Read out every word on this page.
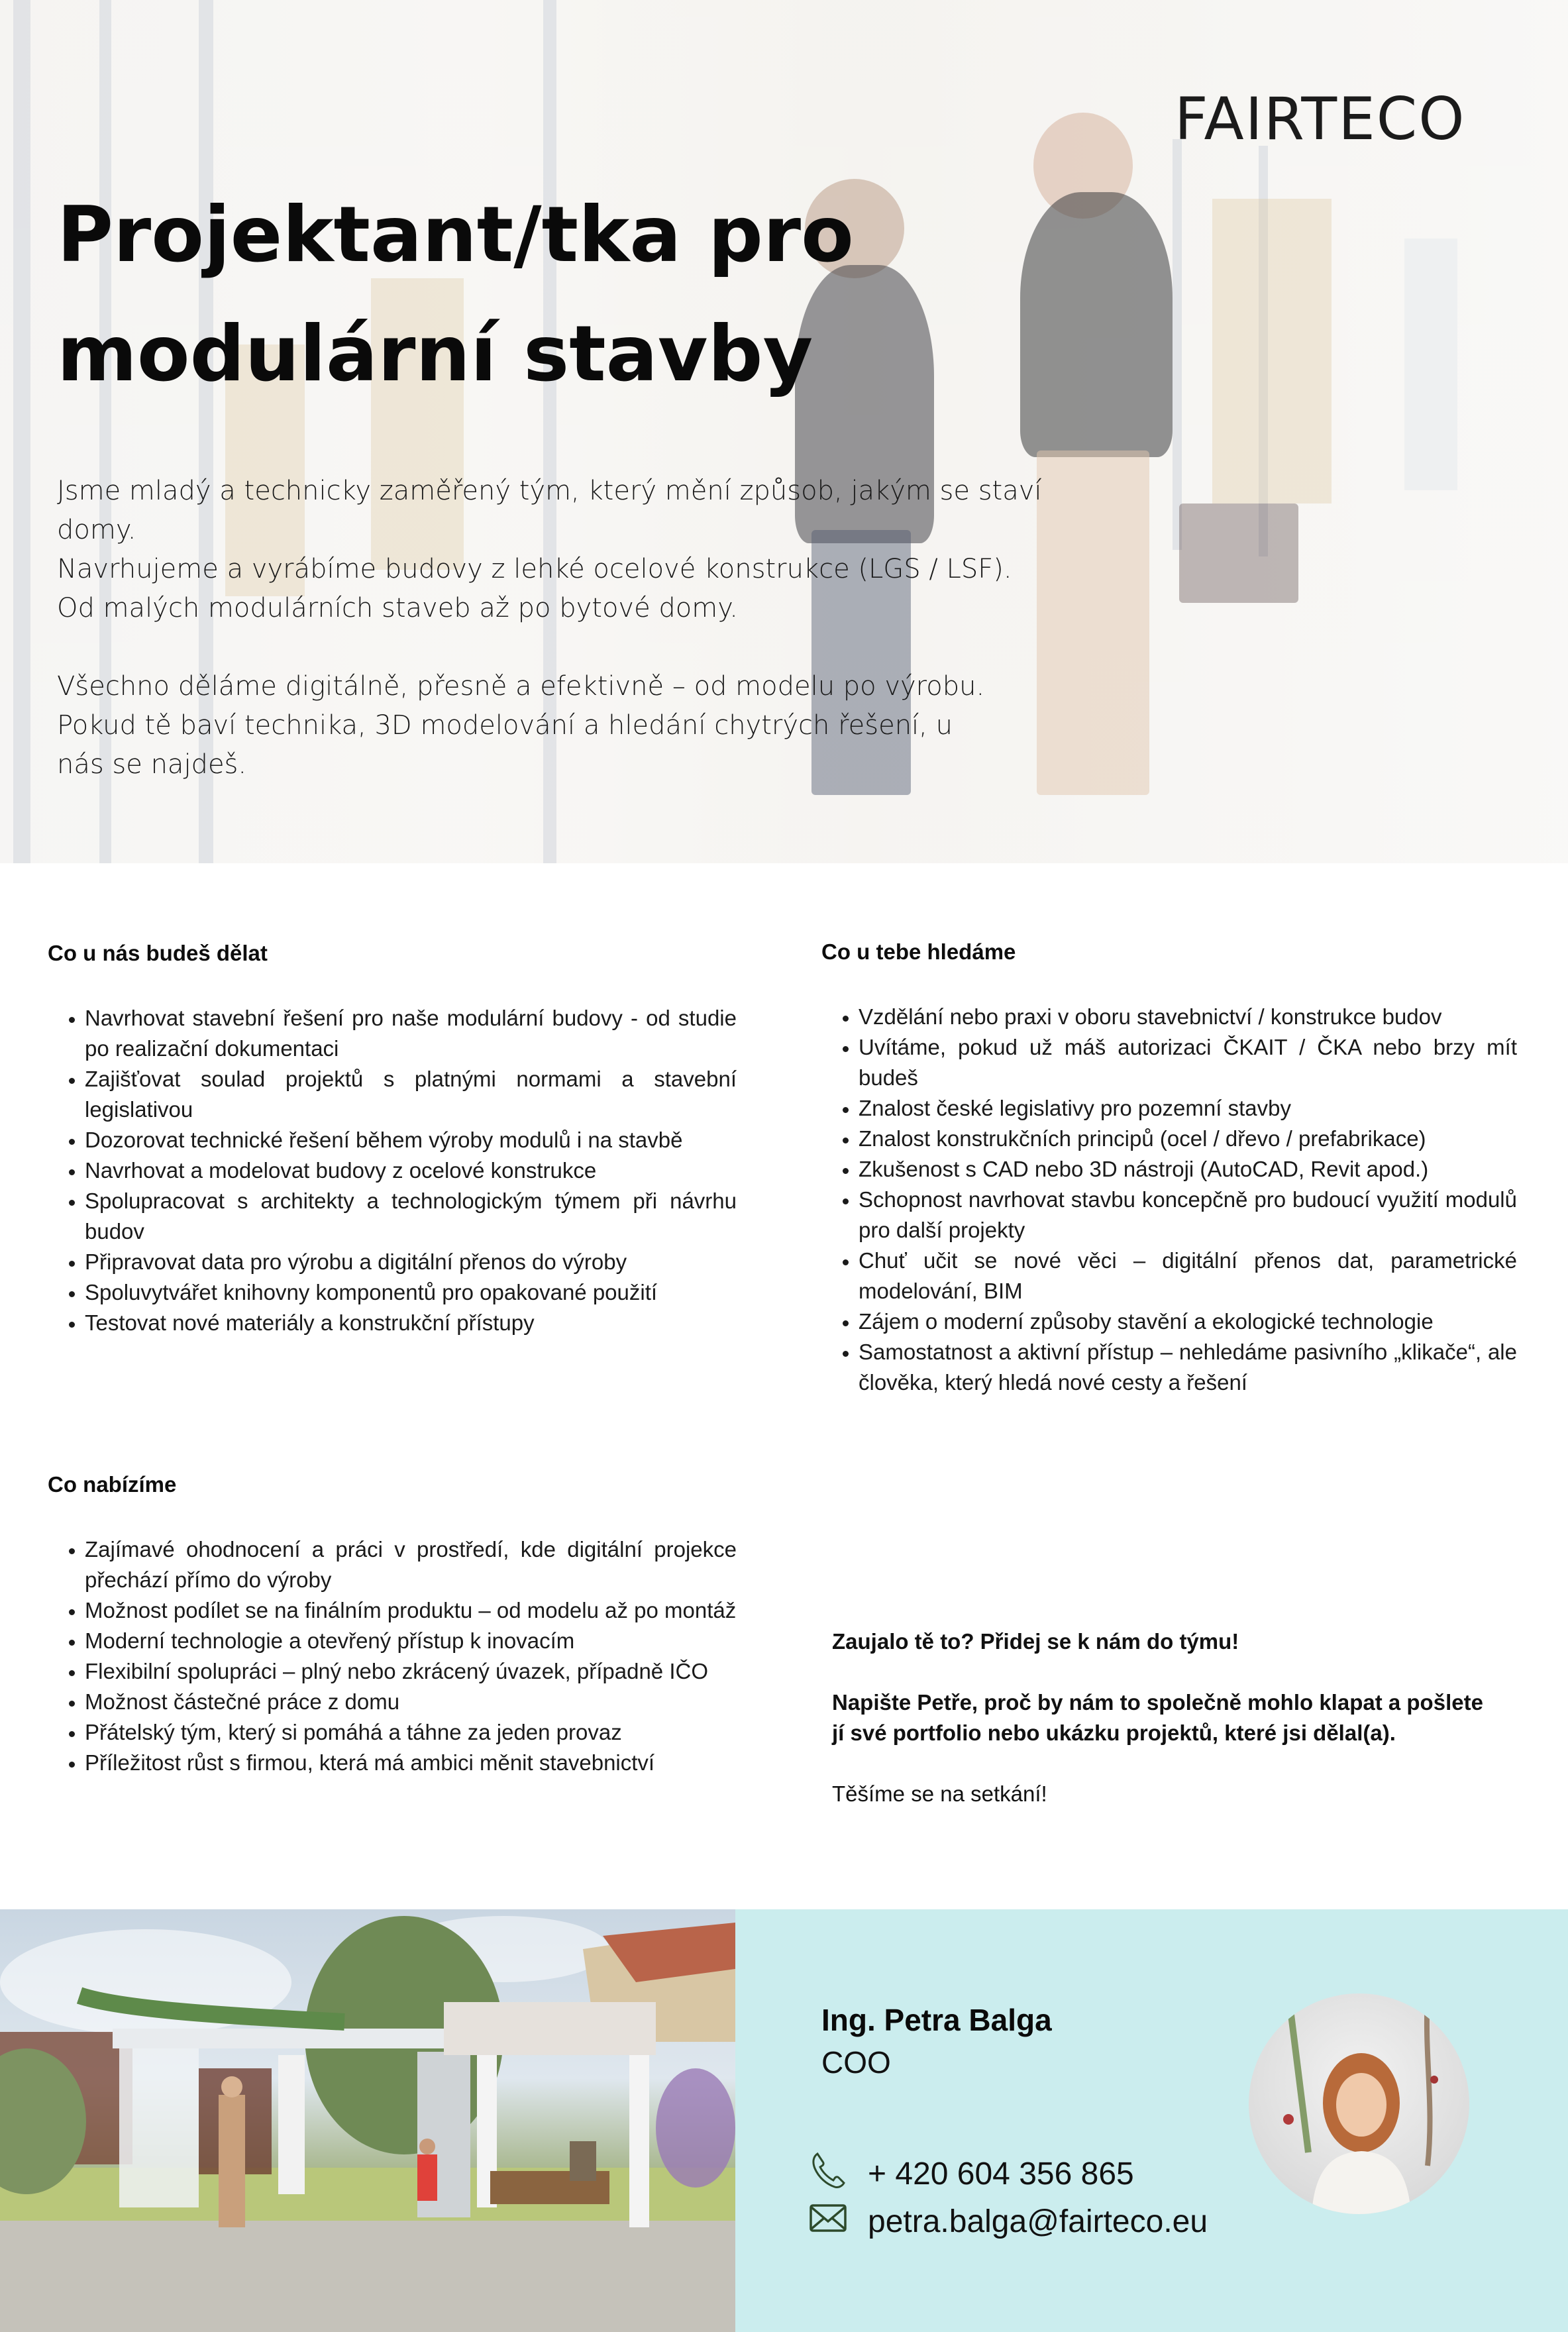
FAIRTECO
Projektant/tka pro
modulární stavby

Jsme mladý a technicky zaměřený tým, který mění způsob, jakým se staví domy.
Navrhujeme a vyrábíme budovy z lehké ocelové konstrukce (LGS / LSF).
Od malých modulárních staveb až po bytové domy.

Všechno děláme digitálně, přesně a efektivně – od modelu po výrobu.
Pokud tě baví technika, 3D modelování a hledání chytrých řešení, u
nás se najdeš.

Co u nás budeš dělat
• Navrhovat stavební řešení pro naše modulární budovy - od studie po realizační dokumentaci
• Zajišťovat soulad projektů s platnými normami a stavební legislativou
• Dozorovat technické řešení během výroby modulů i na stavbě
• Navrhovat a modelovat budovy z ocelové konstrukce
• Spolupracovat s architekty a technologickým týmem při návrhu budov
• Připravovat data pro výrobu a digitální přenos do výroby
• Spoluvytvářet knihovny komponentů pro opakované použití
• Testovat nové materiály a konstrukční přístupy
Co u tebe hledáme
• Vzdělání nebo praxi v oboru stavebnictví / konstrukce budov
• Uvítáme, pokud už máš autorizaci ČKAIT / ČKA nebo brzy mít budeš
• Znalost české legislativy pro pozemní stavby
• Znalost konstrukčních principů (ocel / dřevo / prefabrikace)
• Zkušenost s CAD nebo 3D nástroji (AutoCAD, Revit apod.)
• Schopnost navrhovat stavbu koncepčně pro budoucí využití modulů pro další projekty
• Chuť učit se nové věci – digitální přenos dat, parametrické modelování, BIM
• Zájem o moderní způsoby stavění a ekologické technologie
• Samostatnost a aktivní přístup – nehledáme pasivního „klikače“, ale člověka, který hledá nové cesty a řešení
Co nabízíme
• Zajímavé ohodnocení a práci v prostředí, kde digitální projekce přechází přímo do výroby
• Možnost podílet se na finálním produktu – od modelu až po montáž
• Moderní technologie a otevřený přístup k inovacím
• Flexibilní spolupráci – plný nebo zkrácený úvazek, případně IČO
• Možnost částečné práce z domu
• Přátelský tým, který si pomáhá a táhne za jeden provaz
• Příležitost růst s firmou, která má ambici měnit stavebnictví

Zaujalo tě to? Přidej se k nám do týmu!

Napište Petře, proč by nám to společně mohlo klapat a pošlete

jí své portfolio nebo ukázku projektů, které jsi dělal(a).

Těšíme se na setkání!

Ing. Petra Balga
COO
+ 420 604 356 865
petra.balga@fairteco.eu
